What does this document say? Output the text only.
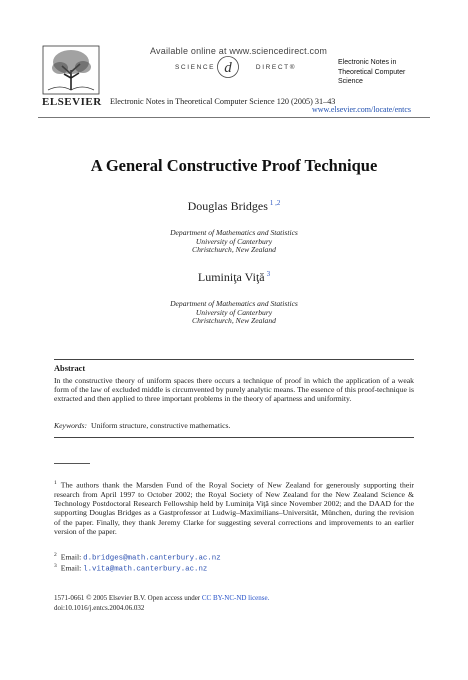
Available online at www.sciencedirect.com
SCIENCE	DIRECT®
d
ELSEVIER
Electronic Notes in
Theoretical Computer
Science
Electronic Notes in Theoretical Computer Science 120 (2005) 31–43
www.elsevier.com/locate/entcs
A General Constructive Proof Technique
Douglas Bridges $^{1 ,2}$
Department of Mathematics and Statistics
University of Canterbury
Christchurch, New Zealand
Luminiţa Viţă $^3$
Department of Mathematics and Statistics
University of Canterbury
Christchurch, New Zealand
Abstract
In the constructive theory of uniform spaces there occurs a technique of proof in which the application of a weak form of the law of excluded middle is circumvented by purely analytic means. The essence of this proof-technique is extracted and then applied to three important problems in the theory of apartness and uniformity.
Keywords: Uniform structure, constructive mathematics.
$^1$ The authors thank the Marsden Fund of the Royal Society of New Zealand for generously supporting their research from April 1997 to October 2002; the Royal Society of New Zealand for the New Zealand Science & Technology Postdoctoral Research Fellowship held by Luminiţa Viţă since November 2002; and the DAAD for the supporting Douglas Bridges as a Gastprofessor at Ludwig–Maximilians–Universität, München, during the revision of the paper. Finally, they thank Jeremy Clarke for suggesting several corrections and improvements to an earlier version of the paper.
$^2$ Email: d.bridges@math.canterbury.ac.nz
$^3$ Email: l.vita@math.canterbury.ac.nz
1571-0661 © 2005 Elsevier B.V. Open access under CC BY-NC-ND license.
doi:10.1016/j.entcs.2004.06.032
